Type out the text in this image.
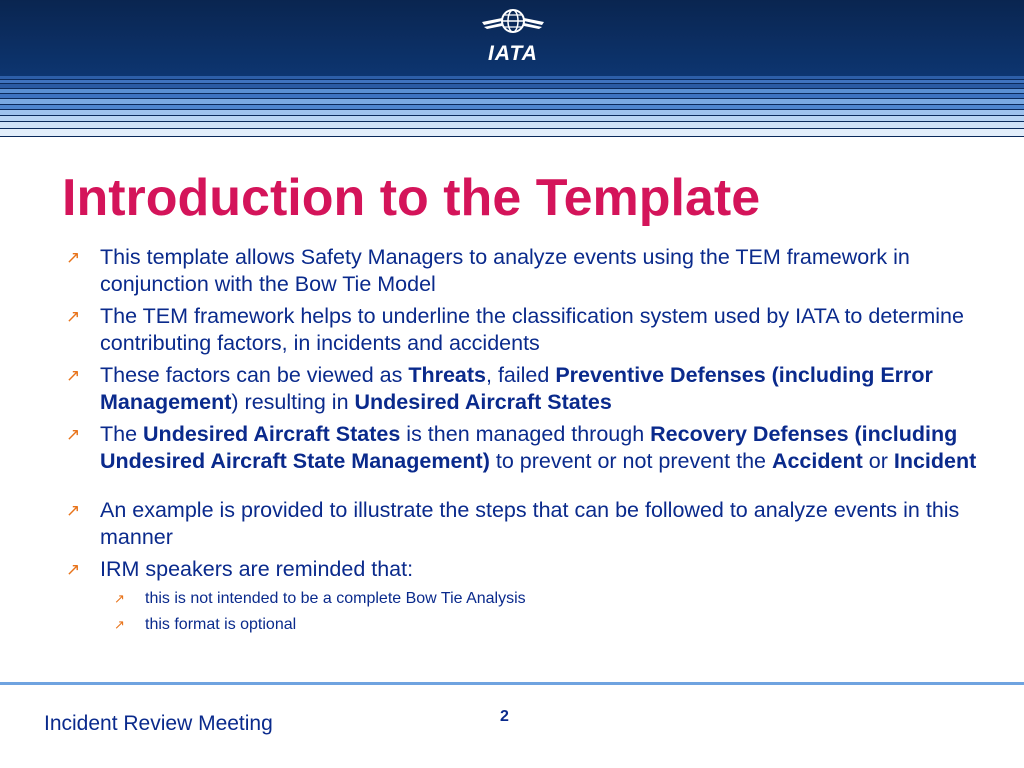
IATA
Introduction to the Template
↗ This template allows Safety Managers to analyze events using the TEM framework in conjunction with the Bow Tie Model
↗ The TEM framework helps to underline the classification system used by IATA to determine contributing factors, in incidents and accidents
↗ These factors can be viewed as Threats, failed Preventive Defenses (including Error Management) resulting in Undesired Aircraft States
↗ The Undesired Aircraft States is then managed through Recovery Defenses (including Undesired Aircraft State Management) to prevent or not prevent the Accident or Incident
↗ An example is provided to illustrate the steps that can be followed to analyze events in this manner
↗ IRM speakers are reminded that:
↗ this is not intended to be a complete Bow Tie Analysis
↗ this format is optional
Incident Review Meeting	2
